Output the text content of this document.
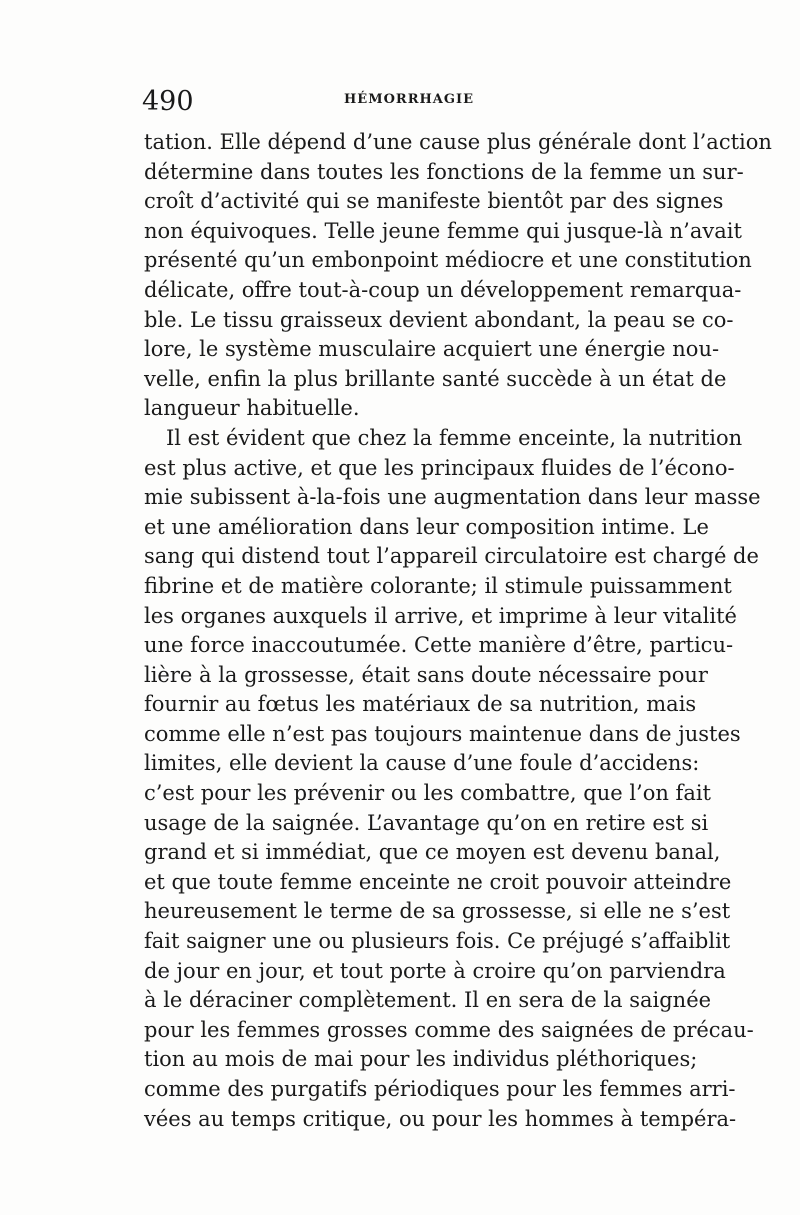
490	HÉMORRHAGIE
tation. Elle dépend d’une cause plus générale dont l’action
détermine dans toutes les fonctions de la femme un sur-
croît d’activité qui se manifeste bientôt par des signes
non équivoques. Telle jeune femme qui jusque-là n’avait
présenté qu’un embonpoint médiocre et une constitution
délicate, offre tout-à-coup un développement remarqua-
ble. Le tissu graisseux devient abondant, la peau se co-
lore, le système musculaire acquiert une énergie nou-
velle, enfin la plus brillante santé succède à un état de
langueur habituelle.
Il est évident que chez la femme enceinte, la nutrition
est plus active, et que les principaux fluides de l’écono-
mie subissent à-la-fois une augmentation dans leur masse
et une amélioration dans leur composition intime. Le
sang qui distend tout l’appareil circulatoire est chargé de
fibrine et de matière colorante; il stimule puissamment
les organes auxquels il arrive, et imprime à leur vitalité
une force inaccoutumée. Cette manière d’être, particu-
lière à la grossesse, était sans doute nécessaire pour
fournir au fœtus les matériaux de sa nutrition, mais
comme elle n’est pas toujours maintenue dans de justes
limites, elle devient la cause d’une foule d’accidens:
c’est pour les prévenir ou les combattre, que l’on fait
usage de la saignée. L’avantage qu’on en retire est si
grand et si immédiat, que ce moyen est devenu banal,
et que toute femme enceinte ne croit pouvoir atteindre
heureusement le terme de sa grossesse, si elle ne s’est
fait saigner une ou plusieurs fois. Ce préjugé s’affaiblit
de jour en jour, et tout porte à croire qu’on parviendra
à le déraciner complètement. Il en sera de la saignée
pour les femmes grosses comme des saignées de précau-
tion au mois de mai pour les individus pléthoriques;
comme des purgatifs périodiques pour les femmes arri-
vées au temps critique, ou pour les hommes à tempéra-
